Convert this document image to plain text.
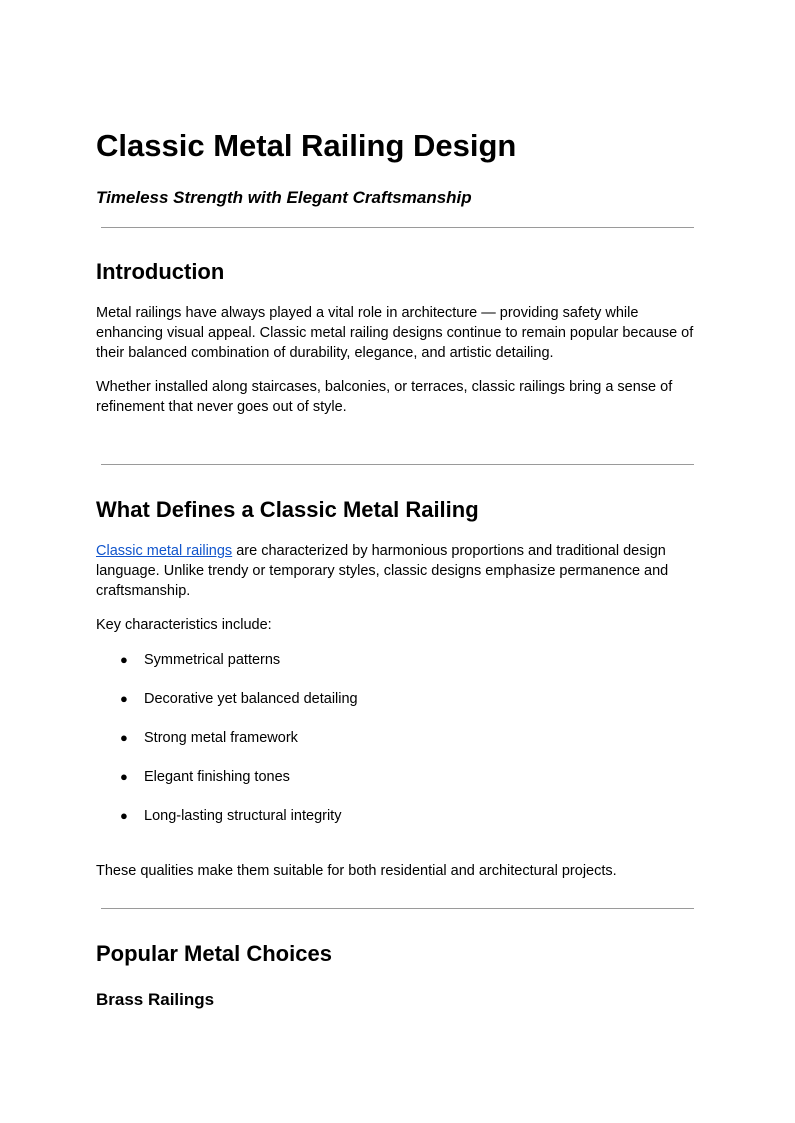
Classic Metal Railing Design

Timeless Strength with Elegant Craftsmanship

Introduction

Metal railings have always played a vital role in architecture — providing safety while enhancing visual appeal. Classic metal railing designs continue to remain popular because of their balanced combination of durability, elegance, and artistic detailing.

Whether installed along staircases, balconies, or terraces, classic railings bring a sense of refinement that never goes out of style.

What Defines a Classic Metal Railing

Classic metal railings are characterized by harmonious proportions and traditional design language. Unlike trendy or temporary styles, classic designs emphasize permanence and craftsmanship.

Key characteristics include:

● Symmetrical patterns
● Decorative yet balanced detailing
● Strong metal framework
● Elegant finishing tones
● Long-lasting structural integrity

These qualities make them suitable for both residential and architectural projects.

Popular Metal Choices
Brass Railings
